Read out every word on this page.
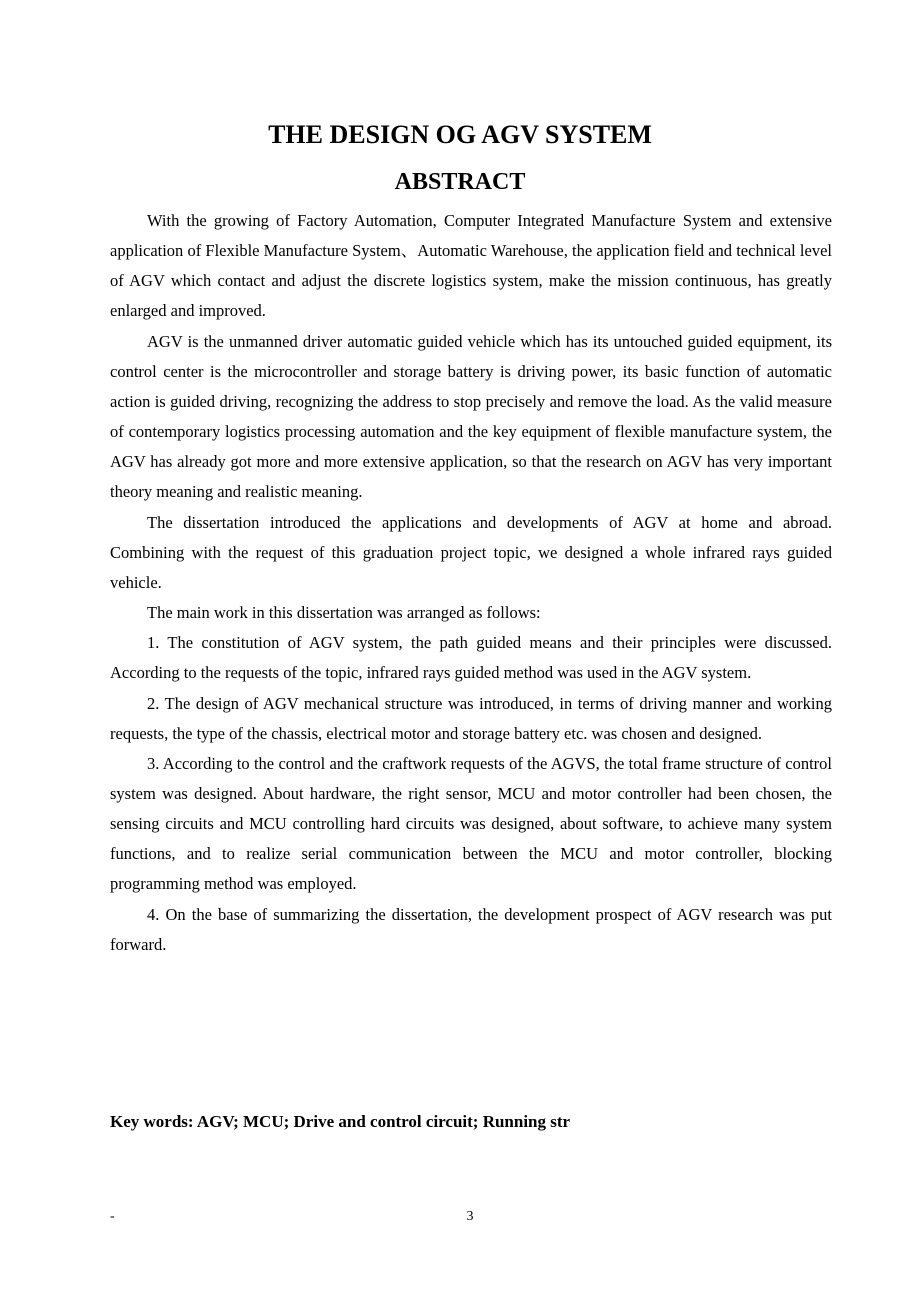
THE DESIGN OG AGV SYSTEM
ABSTRACT

With the growing of Factory Automation, Computer Integrated Manufacture System and extensive application of Flexible Manufacture System、Automatic Warehouse, the application field and technical level of AGV which contact and adjust the discrete logistics system, make the mission continuous, has greatly enlarged and improved.

AGV is the unmanned driver automatic guided vehicle which has its untouched guided equipment, its control center is the microcontroller and storage battery is driving power, its basic function of automatic action is guided driving, recognizing the address to stop precisely and remove the load. As the valid measure of contemporary logistics processing automation and the key equipment of flexible manufacture system, the AGV has already got more and more extensive application, so that the research on AGV has very important theory meaning and realistic meaning.

The dissertation introduced the applications and developments of AGV at home and abroad. Combining with the request of this graduation project topic, we designed a whole infrared rays guided vehicle.

The main work in this dissertation was arranged as follows:

1. The constitution of AGV system, the path guided means and their principles were discussed. According to the requests of the topic, infrared rays guided method was used in the AGV system.

2. The design of AGV mechanical structure was introduced, in terms of driving manner and working requests, the type of the chassis, electrical motor and storage battery etc. was chosen and designed.

3. According to the control and the craftwork requests of the AGVS, the total frame structure of control system was designed. About hardware, the right sensor, MCU and motor controller had been chosen, the sensing circuits and MCU controlling hard circuits was designed, about software, to achieve many system functions, and to realize serial communication between the MCU and motor controller, blocking programming method was employed.

4. On the base of summarizing the dissertation, the development prospect of AGV research was put forward.

Key words: AGV; MCU; Drive and control circuit; Running str

-	3
